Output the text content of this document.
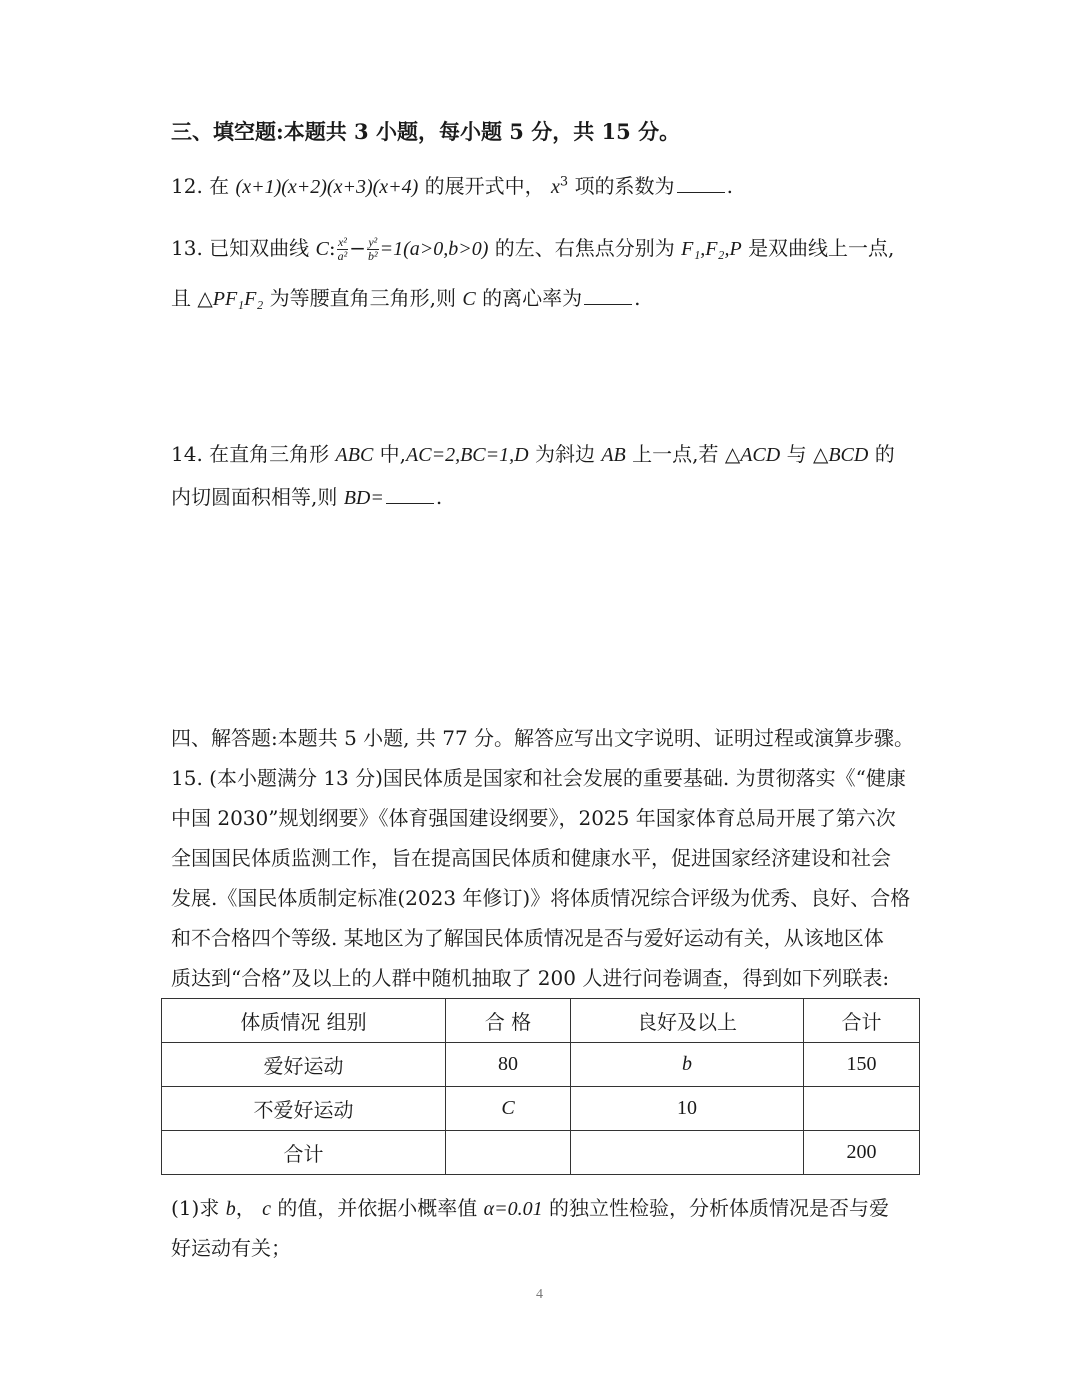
三、填空题:本题共 3 小题，每小题 5 分，共 15 分。
12. 在 (x+1)(x+2)(x+3)(x+4) 的展开式中， $x^3$ 项的系数为	.
13. 已知双曲线 C: $\frac{\text{x²}}{\text{a²}} - \frac{\text{y²}}{\text{b²}} =1(a>0,b>0)$ 的左、右焦点分别为 F₁,F₂,P 是双曲线上一点,
且 △PF₁F₂ 为等腰直角三角形,则 C 的离心率为	.
14. 在直角三角形 ABC 中,AC=2,BC=1,D 为斜边 AB 上一点,若 △ACD 与 △BCD 的
内切圆面积相等,则 BD=	.
四、解答题:本题共 5 小题, 共 77 分。解答应写出文字说明、证明过程或演算步骤。
15. (本小题满分 13 分)国民体质是国家和社会发展的重要基础. 为贯彻落实《“健康
中国 2030”规划纲要》《体育强国建设纲要》，2025 年国家体育总局开展了第六次
全国国民体质监测工作，旨在提高国民体质和健康水平，促进国家经济建设和社会
发展.《国民体质制定标准(2023 年修订)》将体质情况综合评级为优秀、良好、合格
和不合格四个等级. 某地区为了解国民体质情况是否与爱好运动有关，从该地区体
质达到“合格”及以上的人群中随机抽取了 200 人进行问卷调查，得到如下列联表:
体质情况 组别	合 格	良好及以上	合计
爱好运动	80	b	150
不爱好运动	C	10	
合计			200
(1)求 b， c 的值，并依据小概率值 α=0.01 的独立性检验，分析体质情况是否与爱
好运动有关；
4
